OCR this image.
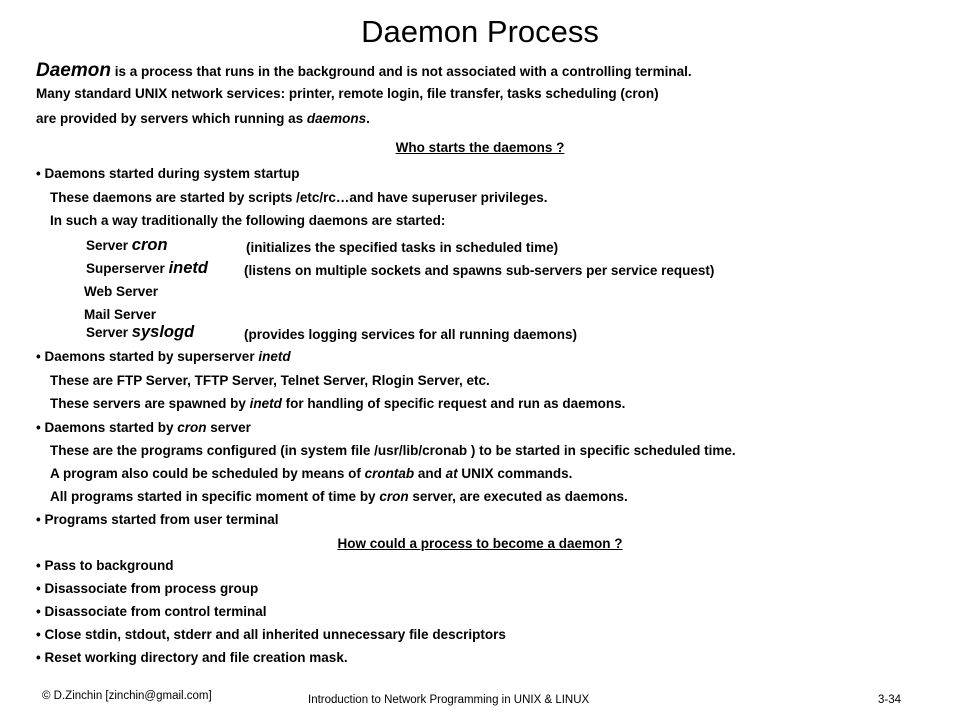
Daemon Process
Daemon is a process that runs in the background and is not associated with a controlling terminal.
Many standard UNIX network services: printer, remote login, file transfer, tasks scheduling (cron)
are provided by servers which running as daemons.
Who starts the daemons ?
• Daemons started during system startup
These daemons are started by scripts /etc/rc…and have superuser privileges.
In such a way traditionally the following daemons are started:
Server cron	(initializes the specified tasks in scheduled time)
Superserver inetd	(listens on multiple sockets and spawns sub-servers per service request)
Web Server
Mail Server
Server syslogd	(provides logging services for all running daemons)
• Daemons started by superserver inetd
These are FTP Server, TFTP Server, Telnet Server, Rlogin Server, etc.
These servers are spawned by inetd for handling of specific request and run as daemons.
• Daemons started by cron server
These are the programs configured (in system file /usr/lib/cronab ) to be started in specific scheduled time.
A program also could be scheduled by means of crontab and at UNIX commands.
All programs started in specific moment of time by cron server, are executed as daemons.
• Programs started from user terminal
How could a process to become a daemon ?
• Pass to background
• Disassociate from process group
• Disassociate from control terminal
• Close stdin, stdout, stderr and all inherited unnecessary file descriptors
• Reset working directory and file creation mask.
© D.Zinchin [zinchin@gmail.com]	Introduction to Network Programming in UNIX & LINUX	3-34
